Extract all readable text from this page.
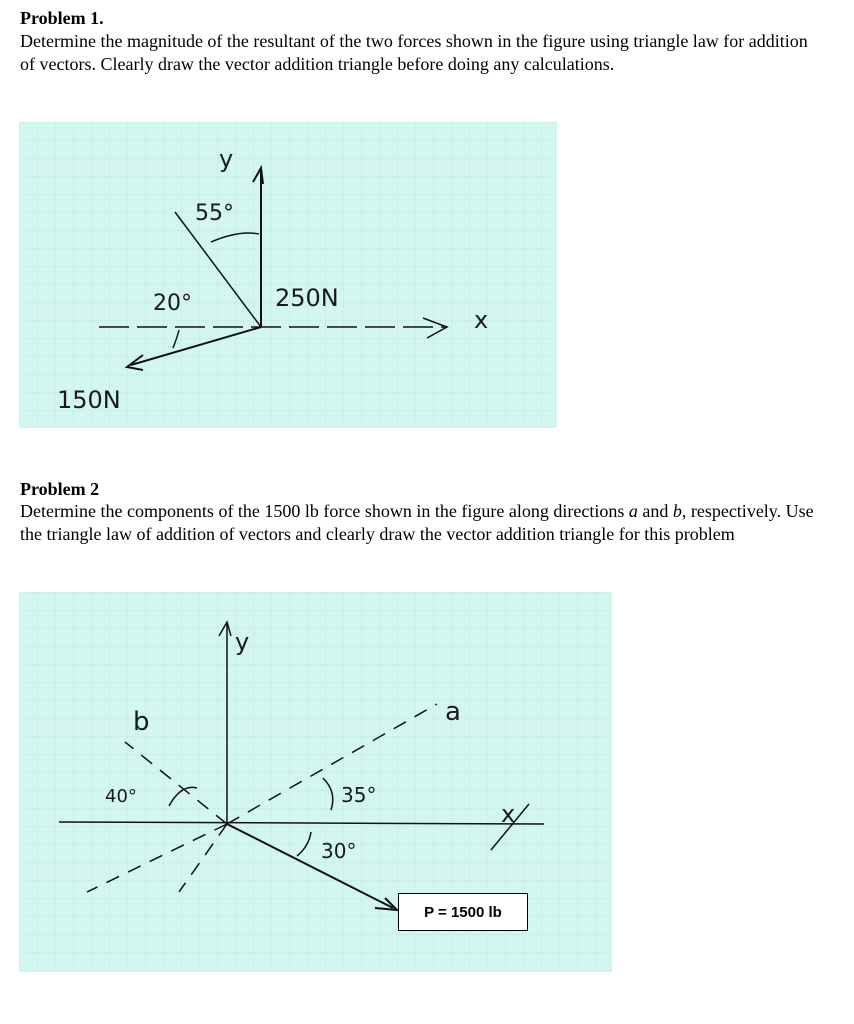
Problem 1.
Determine the magnitude of the resultant of the two forces shown in the figure using triangle law for addition of vectors. Clearly draw the vector addition triangle before doing any calculations.
y
x
55°
20°	250N
150N
Problem 2
Determine the components of the 1500 lb force shown in the figure along directions a and b, respectively. Use the triangle law of addition of vectors and clearly draw the vector addition triangle for this problem
y
x
a
b
40°	35°
30°
P = 1500 lb
